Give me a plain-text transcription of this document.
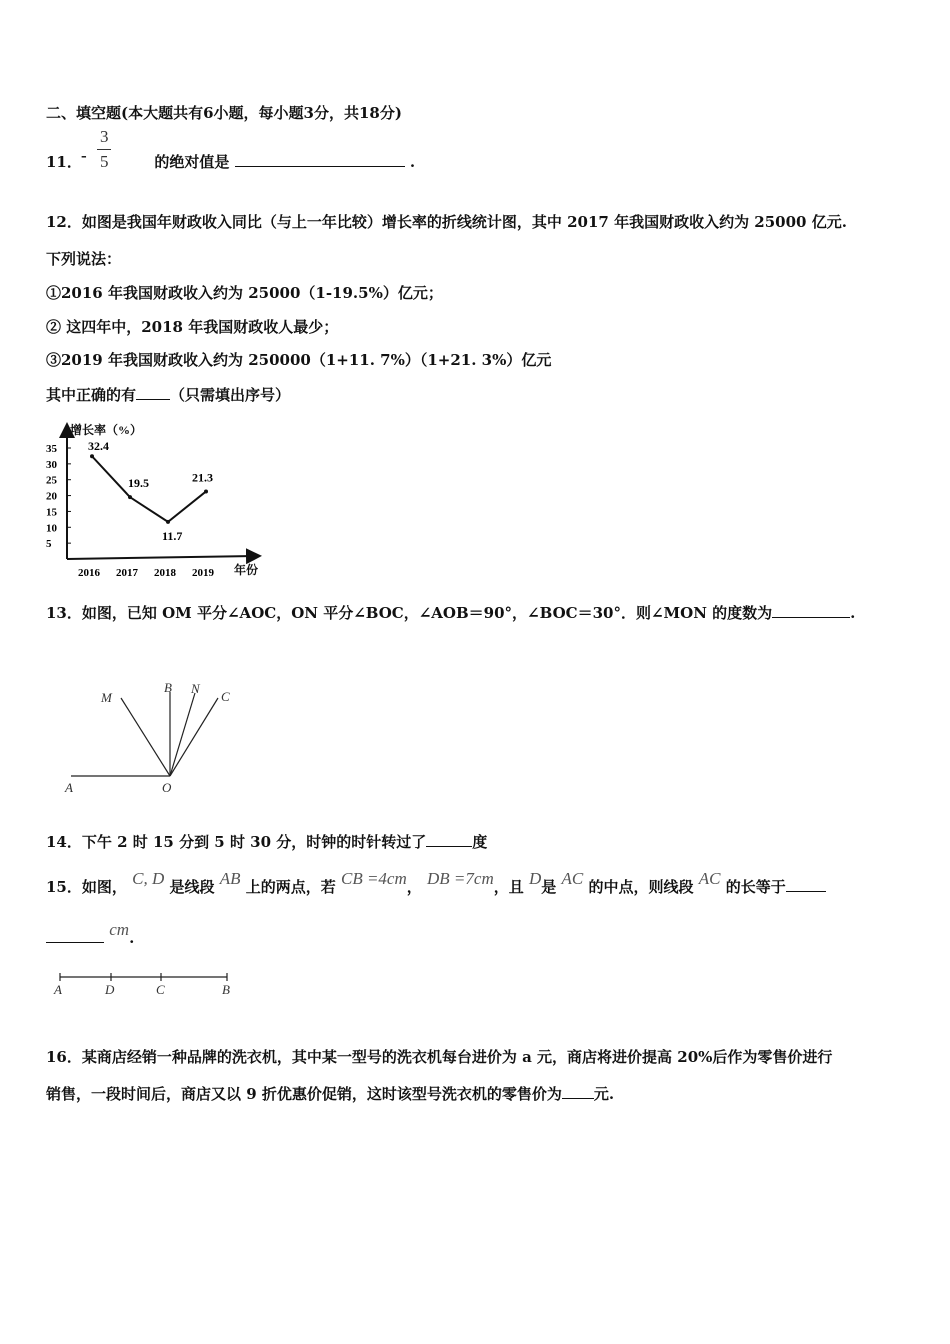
二、填空题(本大题共有6小题，每小题3分，共18分)
11．	的绝对值是	.
-
3
5
12．如图是我国年财政收入同比（与上一年比较）增长率的折线统计图，其中 2017 年我国财政收入约为 25000 亿元.
下列说法：
①2016 年我国财政收入约为 25000（1-19.5%）亿元；
② 这四年中，2018 年我国财政收人最少；
③2019 年我国财政收入约为 250000（1+11. 7%）（1+21. 3%）亿元
其中正确的有 （只需填出序号）
增长率（%）
年份
35
30
25
20
15
10
5
2016 2017 2018 2019
32.4
19.5
11.7
21.3
13．如图，已知 OM 平分∠AOC，ON 平分∠BOC，∠AOB＝90°，∠BOC＝30°．则∠MON 的度数为	.
M
B N
C
A	O
14．下午 2 时 15 分到 5 时 30 分，时钟的时针转过了	度
15．如图， C, D 是线段 AB 上的两点，若 CB =4cm， DB =7cm，且 D是 AC 的中点，则线段 AC 的长等于
cm.
A	D	C	B
16．某商店经销一种品牌的洗衣机，其中某一型号的洗衣机每台进价为 a 元，商店将进价提高 20%后作为零售价进行
销售，一段时间后，商店又以 9 折优惠价促销，这时该型号洗衣机的零售价为 元.
